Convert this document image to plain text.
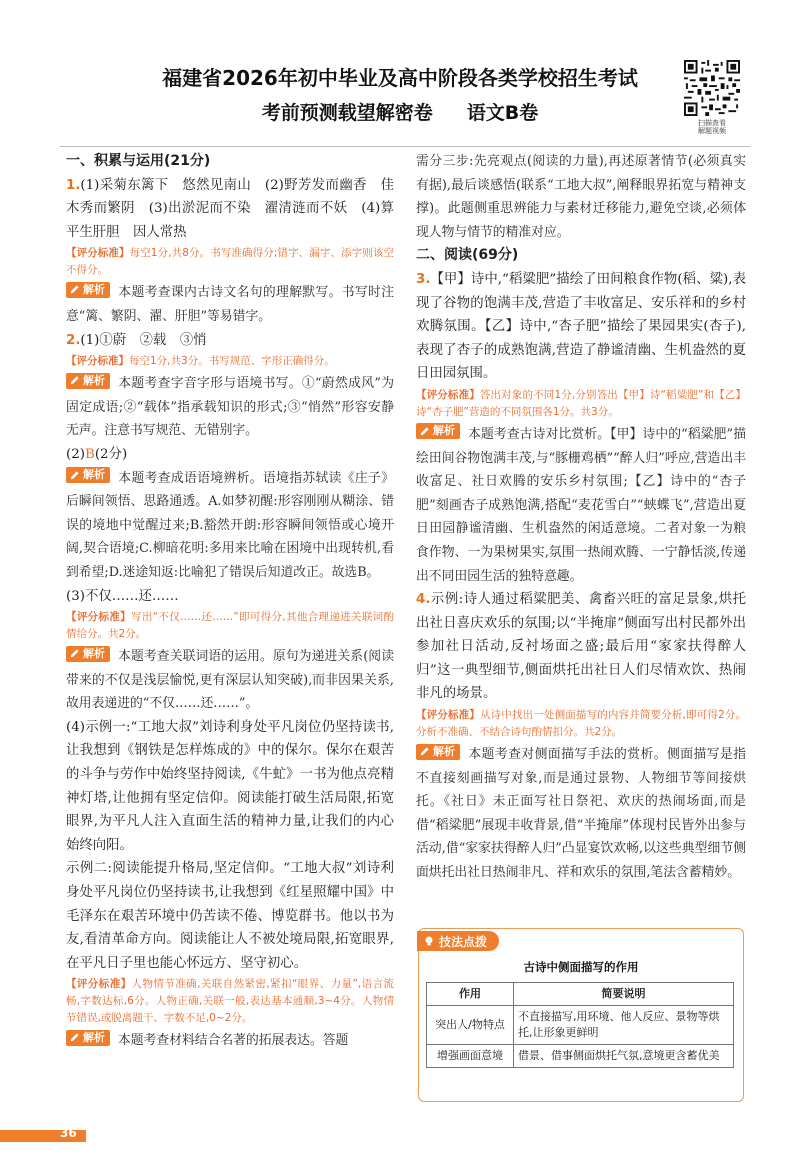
福建省2026年初中毕业及高中阶段各类学校招生考试
考前预测载望解密卷 语文B卷	扫描查看
解题视频

一、积累与运用(21分)

1.(1)采菊东篱下　悠然见南山　(2)野芳发而幽香　佳木秀而繁阴　(3)出淤泥而不染　濯清涟而不妖　(4)算平生肝胆　因人常热

【评分标准】每空1分,共8分。书写准确得分;错字、漏字、添字则该空不得分。

解析 本题考查课内古诗文名句的理解默写。书写时注意“篱、繁阴、濯、肝胆”等易错字。

2.(1)①蔚　②载　③悄

【评分标准】每空1分,共3分。书写规范、字形正确得分。

解析 本题考查字音字形与语境书写。①“蔚然成风”为固定成语;②“载体”指承载知识的形式;③“悄然”形容安静无声。注意书写规范、无错别字。

(2)B(2分)

解析 本题考查成语语境辨析。语境指苏轼读《庄子》后瞬间领悟、思路通透。A.如梦初醒:形容刚刚从糊涂、错误的境地中觉醒过来;B.豁然开朗:形容瞬间领悟或心境开阔,契合语境;C.柳暗花明:多用来比喻在困境中出现转机,看到希望;D.迷途知返:比喻犯了错误后知道改正。故选B。

(3)不仅……还……

【评分标准】写出“不仅……还……”即可得分,其他合理递进关联词酌情给分。共2分。

解析 本题考查关联词语的运用。原句为递进关系(阅读带来的不仅是浅层愉悦,更有深层认知突破),而非因果关系,故用表递进的“不仅……还……”。

(4)示例一:“工地大叔”刘诗利身处平凡岗位仍坚持读书,让我想到《钢铁是怎样炼成的》中的保尔。保尔在艰苦的斗争与劳作中始终坚持阅读,《牛虻》一书为他点亮精神灯塔,让他拥有坚定信仰。阅读能打破生活局限,拓宽眼界,为平凡人注入直面生活的精神力量,让我们的内心始终向阳。

示例二:阅读能提升格局,坚定信仰。“工地大叔”刘诗利身处平凡岗位仍坚持读书,让我想到《红星照耀中国》中毛泽东在艰苦环境中仍苦读不倦、博览群书。他以书为友,看清革命方向。阅读能让人不被处境局限,拓宽眼界,在平凡日子里也能心怀远方、坚守初心。

【评分标准】人物情节准确,关联自然紧密,紧扣“眼界、力量”,语言流畅,字数达标,6分。人物正确,关联一般,表达基本通顺,3~4分。人物情节错误,或脱离题干、字数不足,0~2分。

解析 本题考查材料结合名著的拓展表达。答题

需分三步:先亮观点(阅读的力量),再述原著情节(必须真实有据),最后谈感悟(联系“工地大叔”,阐释眼界拓宽与精神支撑)。此题侧重思辨能力与素材迁移能力,避免空谈,必须体现人物与情节的精准对应。

二、阅读(69分)

3.【甲】诗中,“稻粱肥”描绘了田间粮食作物(稻、粱),表现了谷物的饱满丰茂,营造了丰收富足、安乐祥和的乡村欢腾氛围。【乙】诗中,“杏子肥”描绘了果园果实(杏子),表现了杏子的成熟饱满,营造了静谧清幽、生机盎然的夏日田园氛围。

【评分标准】答出对象的不同1分,分别答出【甲】诗“稻粱肥”和【乙】诗“杏子肥”营造的不同氛围各1分。共3分。

解析 本题考查古诗对比赏析。【甲】诗中的“稻粱肥”描绘田间谷物饱满丰茂,与“豚栅鸡栖”“醉人归”呼应,营造出丰收富足、社日欢腾的安乐乡村氛围;【乙】诗中的“杏子肥”刻画杏子成熟饱满,搭配“麦花雪白”“蛱蝶飞”,营造出夏日田园静谧清幽、生机盎然的闲适意境。二者对象一为粮食作物、一为果树果实,氛围一热闹欢腾、一宁静恬淡,传递出不同田园生活的独特意趣。

4.示例:诗人通过稻粱肥美、禽畜兴旺的富足景象,烘托出社日喜庆欢乐的氛围;以“半掩扉”侧面写出村民都外出参加社日活动,反衬场面之盛;最后用“家家扶得醉人归”这一典型细节,侧面烘托出社日人们尽情欢饮、热闹非凡的场景。

【评分标准】从诗中找出一处侧面描写的内容并简要分析,即可得2分。分析不准确、不结合诗句酌情扣分。共2分。

解析 本题考查对侧面描写手法的赏析。侧面描写是指不直接刻画描写对象,而是通过景物、人物细节等间接烘托。《社日》未正面写社日祭祀、欢庆的热闹场面,而是借“稻粱肥”展现丰收背景,借“半掩扉”体现村民皆外出参与活动,借“家家扶得醉人归”凸显宴饮欢畅,以这些典型细节侧面烘托出社日热闹非凡、祥和欢乐的氛围,笔法含蓄精妙。

技法点拨
古诗中侧面描写的作用
作用	简要说明
突出人/物特点	不直接描写,用环境、他人反应、景物等烘托,让形象更鲜明
增强画面意境	借景、借事侧面烘托气氛,意境更含蓄优美
36
